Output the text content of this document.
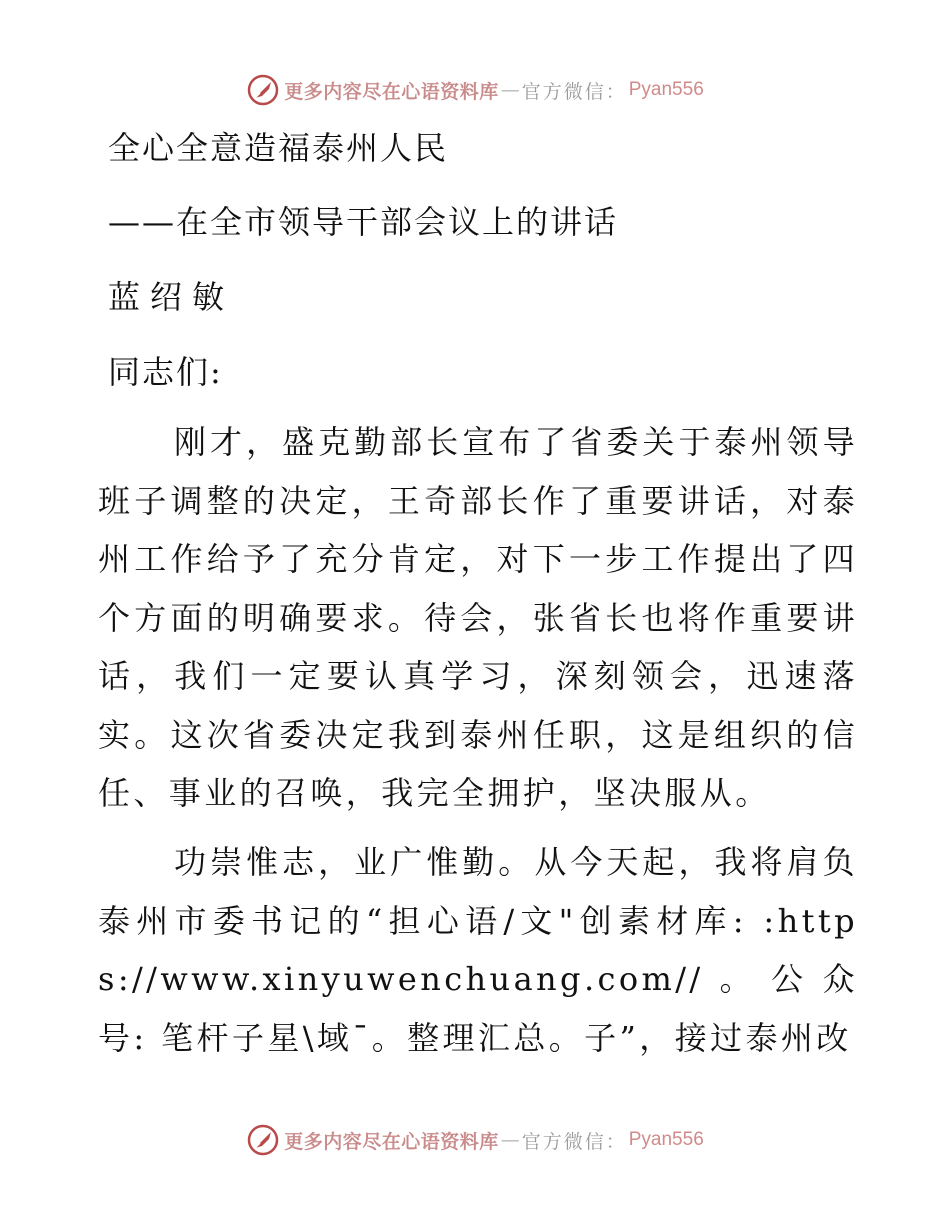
更多内容尽在心语资料库 — 官方微信： Pyan556
全心全意造福泰州人民
——在全市领导干部会议上的讲话
蓝绍敏
同志们:
刚才，盛克勤部长宣布了省委关于泰州领导班子调整的决定，王奇部长作了重要讲话，对泰州工作给予了充分肯定，对下一步工作提出了四个方面的明确要求。待会，张省长也将作重要讲话，我们一定要认真学习，深刻领会，迅速落实。这次省委决定我到泰州任职，这是组织的信任、事业的召唤，我完全拥护，坚决服从。
功崇惟志，业广惟勤。从今天起，我将肩负泰州市委书记的“担心语/文"创素材库: :https://www.xinyuwenchuang.com//。公众号: 笔杆子星\域¯。整理汇总。子”，接过泰州改
更多内容尽在心语资料库 — 官方微信： Pyan556
